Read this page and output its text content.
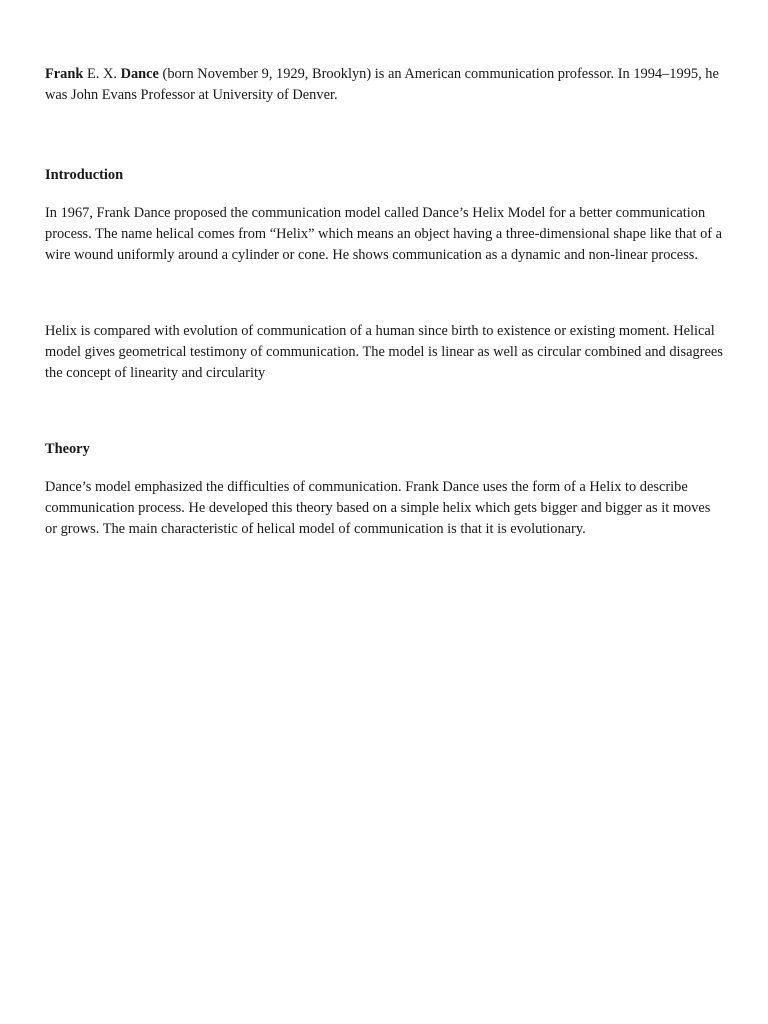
Frank E. X. Dance (born November 9, 1929, Brooklyn) is an American communication professor. In 1994–1995, he was John Evans Professor at University of Denver.

Introduction

In 1967, Frank Dance proposed the communication model called Dance’s Helix Model for a better communication process. The name helical comes from “Helix” which means an object having a three-dimensional shape like that of a wire wound uniformly around a cylinder or cone. He shows communication as a dynamic and non-linear process.

Helix is compared with evolution of communication of a human since birth to existence or existing moment. Helical model gives geometrical testimony of communication. The model is linear as well as circular combined and disagrees the concept of linearity and circularity

Theory

Dance’s model emphasized the difficulties of communication. Frank Dance uses the form of a Helix to describe communication process. He developed this theory based on a simple helix which gets bigger and bigger as it moves or grows. The main characteristic of helical model of communication is that it is evolutionary.
